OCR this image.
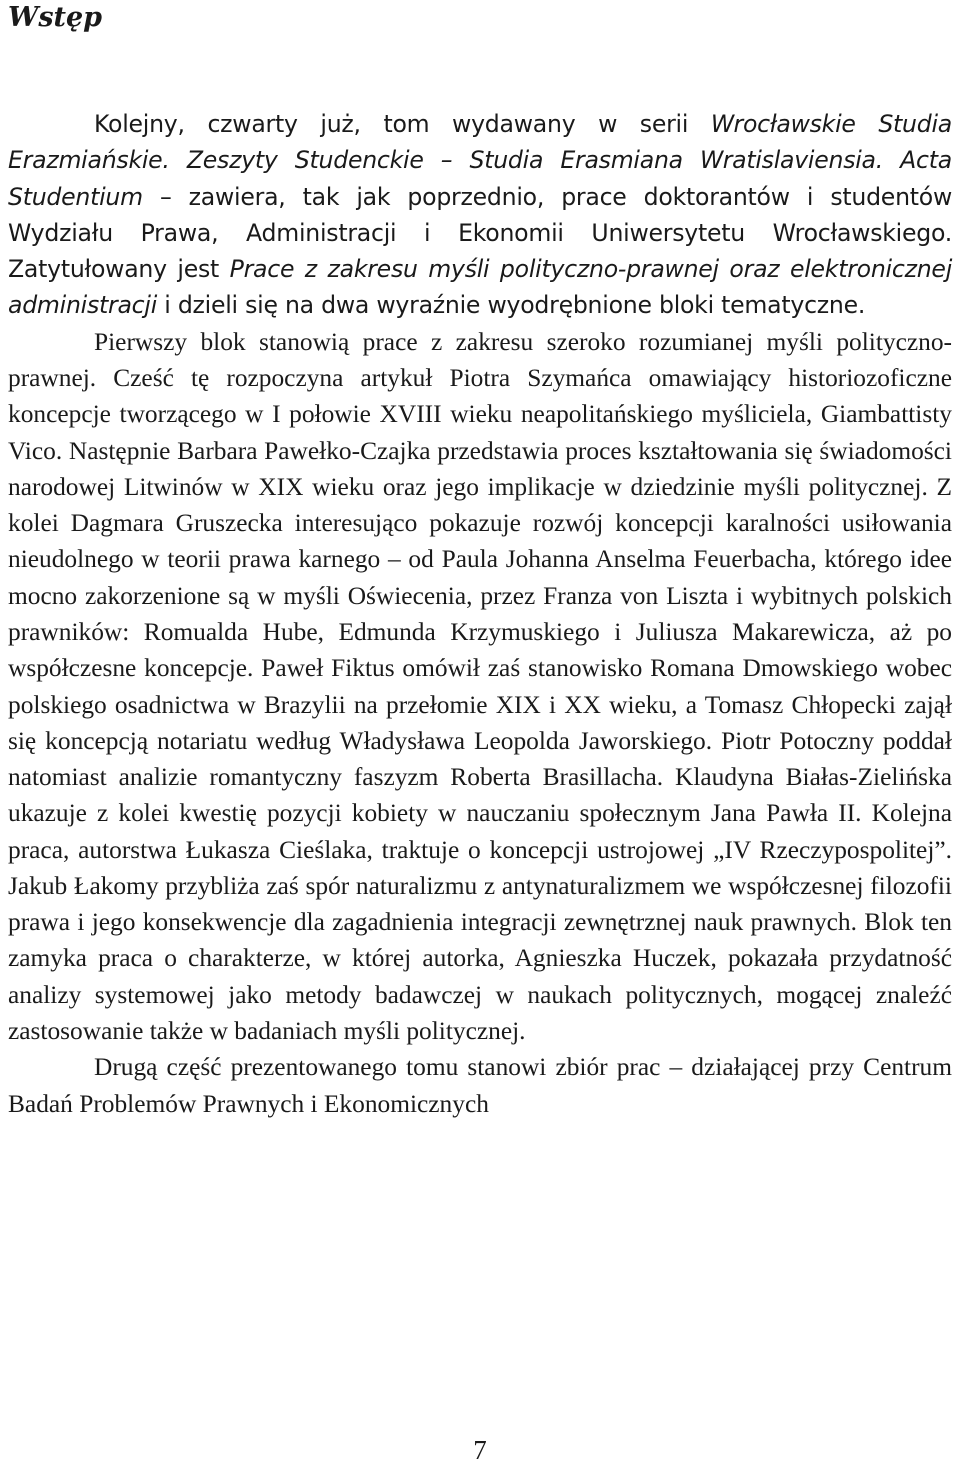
Wstęp

Kolejny, czwarty już, tom wydawany w serii Wrocławskie Studia Erazmiańskie. Zeszyty Studenckie – Studia Erasmiana Wratislaviensia. Acta Studentium – zawiera, tak jak poprzednio, prace doktorantów i studentów Wydziału Prawa, Administracji i Ekonomii Uniwersytetu Wrocławskiego. Zatytułowany jest Prace z zakresu myśli polityczno-prawnej oraz elektronicznej administracji i dzieli się na dwa wyraźnie wyodrębnione bloki tematyczne.

Pierwszy blok stanowią prace z zakresu szeroko rozumianej myśli polityczno-prawnej. Cześć tę rozpoczyna artykuł Piotra Szymańca omawiający historiozoficzne koncepcje tworzącego w I połowie XVIII wieku neapolitańskiego myśliciela, Giambattisty Vico. Następnie Barbara Pawełko-Czajka przedstawia proces kształtowania się świadomości narodowej Litwinów w XIX wieku oraz jego implikacje w dziedzinie myśli politycznej. Z kolei Dagmara Gruszecka interesująco pokazuje rozwój koncepcji karalności usiłowania nieudolnego w teorii prawa karnego – od Paula Johanna Anselma Feuerbacha, którego idee mocno zakorzenione są w myśli Oświecenia, przez Franza von Liszta i wybitnych polskich prawników: Romualda Hube, Edmunda Krzymuskiego i Juliusza Makarewicza, aż po współczesne koncepcje. Paweł Fiktus omówił zaś stanowisko Romana Dmowskiego wobec polskiego osadnictwa w Brazylii na przełomie XIX i XX wieku, a Tomasz Chłopecki zajął się koncepcją notariatu według Władysława Leopolda Jaworskiego. Piotr Potoczny poddał natomiast analizie romantyczny faszyzm Roberta Brasillacha. Klaudyna Białas-Zielińska ukazuje z kolei kwestię pozycji kobiety w nauczaniu społecznym Jana Pawła II. Kolejna praca, autorstwa Łukasza Cieślaka, traktuje o koncepcji ustrojowej „IV Rzeczypospolitej”. Jakub Łakomy przybliża zaś spór naturalizmu z antynaturalizmem we współczesnej filozofii prawa i jego konsekwencje dla zagadnienia integracji zewnętrznej nauk prawnych. Blok ten zamyka praca o charakterze, w której autorka, Agnieszka Huczek, pokazała przydatność analizy systemowej jako metody badawczej w naukach politycznych, mogącej znaleźć zastosowanie także w badaniach myśli politycznej.

Drugą część prezentowanego tomu stanowi zbiór prac – działającej przy Centrum Badań Problemów Prawnych i Ekonomicznych

7
